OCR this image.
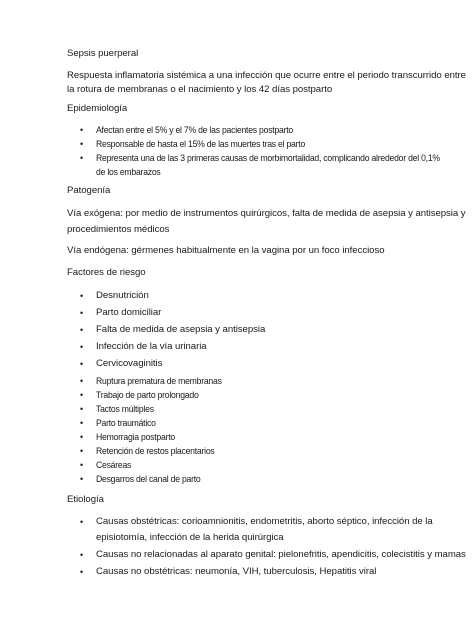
Sepsis puerperal
Respuesta inflamatoria sistémica a una infección que ocurre entre el periodo transcurrido entre
la rotura de membranas o el nacimiento y los 42 días postparto
Epidemiología
• Afectan entre el 5% y el 7% de las pacientes postparto
• Responsable de hasta el 15% de las muertes tras el parto
• Representa una de las 3 primeras causas de morbimortalidad, complicando alrededor del 0,1%
de los embarazos
Patogenía
Vía exógena: por medio de instrumentos quirúrgicos, falta de medida de asepsia y antisepsia y
procedimientos médicos
Vía endógena: gérmenes habitualmente en la vagina por un foco infeccioso
Factores de riesgo
• Desnutrición
• Parto domiciliar
• Falta de medida de asepsia y antisepsia
• Infección de la vía urinaria
• Cervicovaginitis
• Ruptura prematura de membranas
• Trabajo de parto prolongado
• Tactos múltiples
• Parto traumático
• Hemorragia postparto
• Retención de restos placentarios
• Cesáreas
• Desgarros del canal de parto
Etiología
• Causas obstétricas: corioamnionitis, endometritis, aborto séptico, infección de la
episiotomía, infección de la herida quirúrgica
• Causas no relacionadas al aparato genital: pielonefritis, apendicitis, colecistitis y mamas
• Causas no obstétricas: neumonía, VIH, tuberculosis, Hepatitis viral
